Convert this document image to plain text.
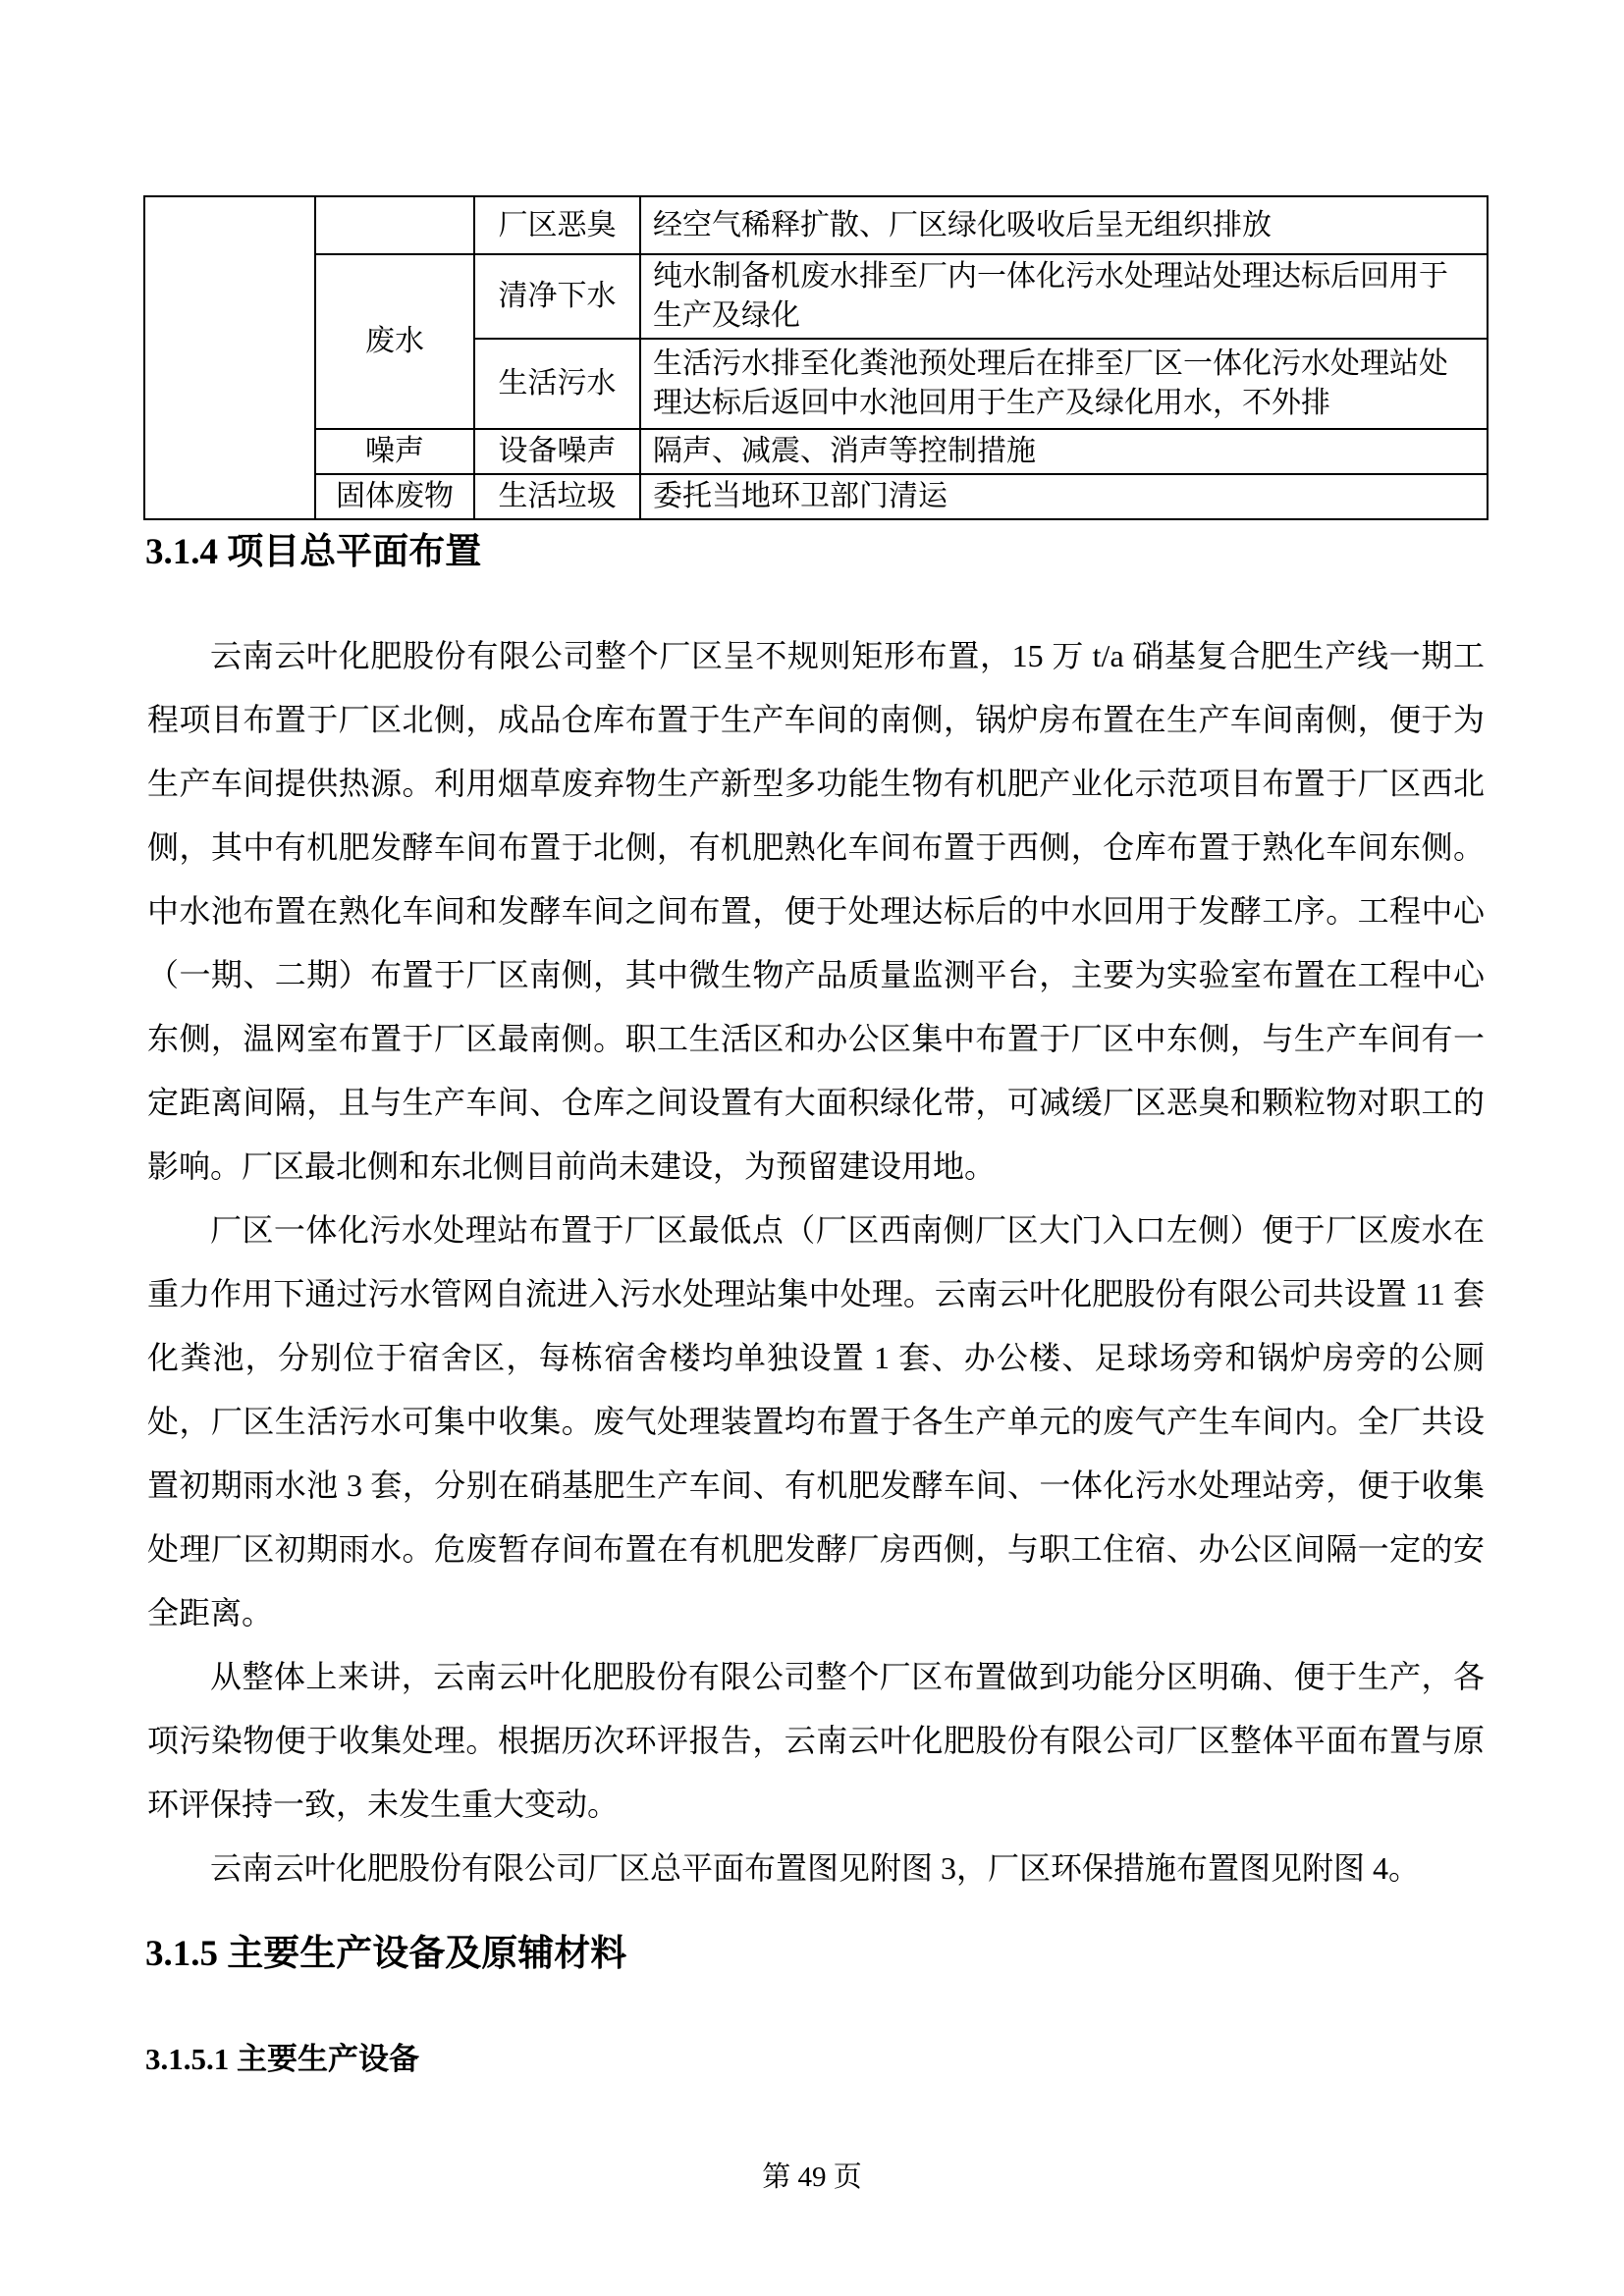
		厂区恶臭	经空气稀释扩散、厂区绿化吸收后呈无组织排放
	废水	清净下水	纯水制备机废水排至厂内一体化污水处理站处理达标后回用于生产及绿化
		生活污水	生活污水排至化粪池预处理后在排至厂区一体化污水处理站处理达标后返回中水池回用于生产及绿化用水，不外排
	噪声	设备噪声	隔声、减震、消声等控制措施
	固体废物	生活垃圾	委托当地环卫部门清运
3.1.4 项目总平面布置

云南云叶化肥股份有限公司整个厂区呈不规则矩形布置，15 万 t/a 硝基复合肥生产线一期工程项目布置于厂区北侧，成品仓库布置于生产车间的南侧，锅炉房布置在生产车间南侧，便于为生产车间提供热源。利用烟草废弃物生产新型多功能生物有机肥产业化示范项目布置于厂区西北侧，其中有机肥发酵车间布置于北侧，有机肥熟化车间布置于西侧，仓库布置于熟化车间东侧。中水池布置在熟化车间和发酵车间之间布置，便于处理达标后的中水回用于发酵工序。工程中心（一期、二期）布置于厂区南侧，其中微生物产品质量监测平台，主要为实验室布置在工程中心东侧，温网室布置于厂区最南侧。职工生活区和办公区集中布置于厂区中东侧，与生产车间有一定距离间隔，且与生产车间、仓库之间设置有大面积绿化带，可减缓厂区恶臭和颗粒物对职工的影响。厂区最北侧和东北侧目前尚未建设，为预留建设用地。

厂区一体化污水处理站布置于厂区最低点（厂区西南侧厂区大门入口左侧）便于厂区废水在重力作用下通过污水管网自流进入污水处理站集中处理。云南云叶化肥股份有限公司共设置 11 套化粪池，分别位于宿舍区，每栋宿舍楼均单独设置 1 套、办公楼、足球场旁和锅炉房旁的公厕处，厂区生活污水可集中收集。废气处理装置均布置于各生产单元的废气产生车间内。全厂共设置初期雨水池 3 套，分别在硝基肥生产车间、有机肥发酵车间、一体化污水处理站旁，便于收集处理厂区初期雨水。危废暂存间布置在有机肥发酵厂房西侧，与职工住宿、办公区间隔一定的安全距离。

从整体上来讲，云南云叶化肥股份有限公司整个厂区布置做到功能分区明确、便于生产，各项污染物便于收集处理。根据历次环评报告，云南云叶化肥股份有限公司厂区整体平面布置与原环评保持一致，未发生重大变动。

云南云叶化肥股份有限公司厂区总平面布置图见附图 3，厂区环保措施布置图见附图 4。

3.1.5 主要生产设备及原辅材料
3.1.5.1 主要生产设备
第 49 页
